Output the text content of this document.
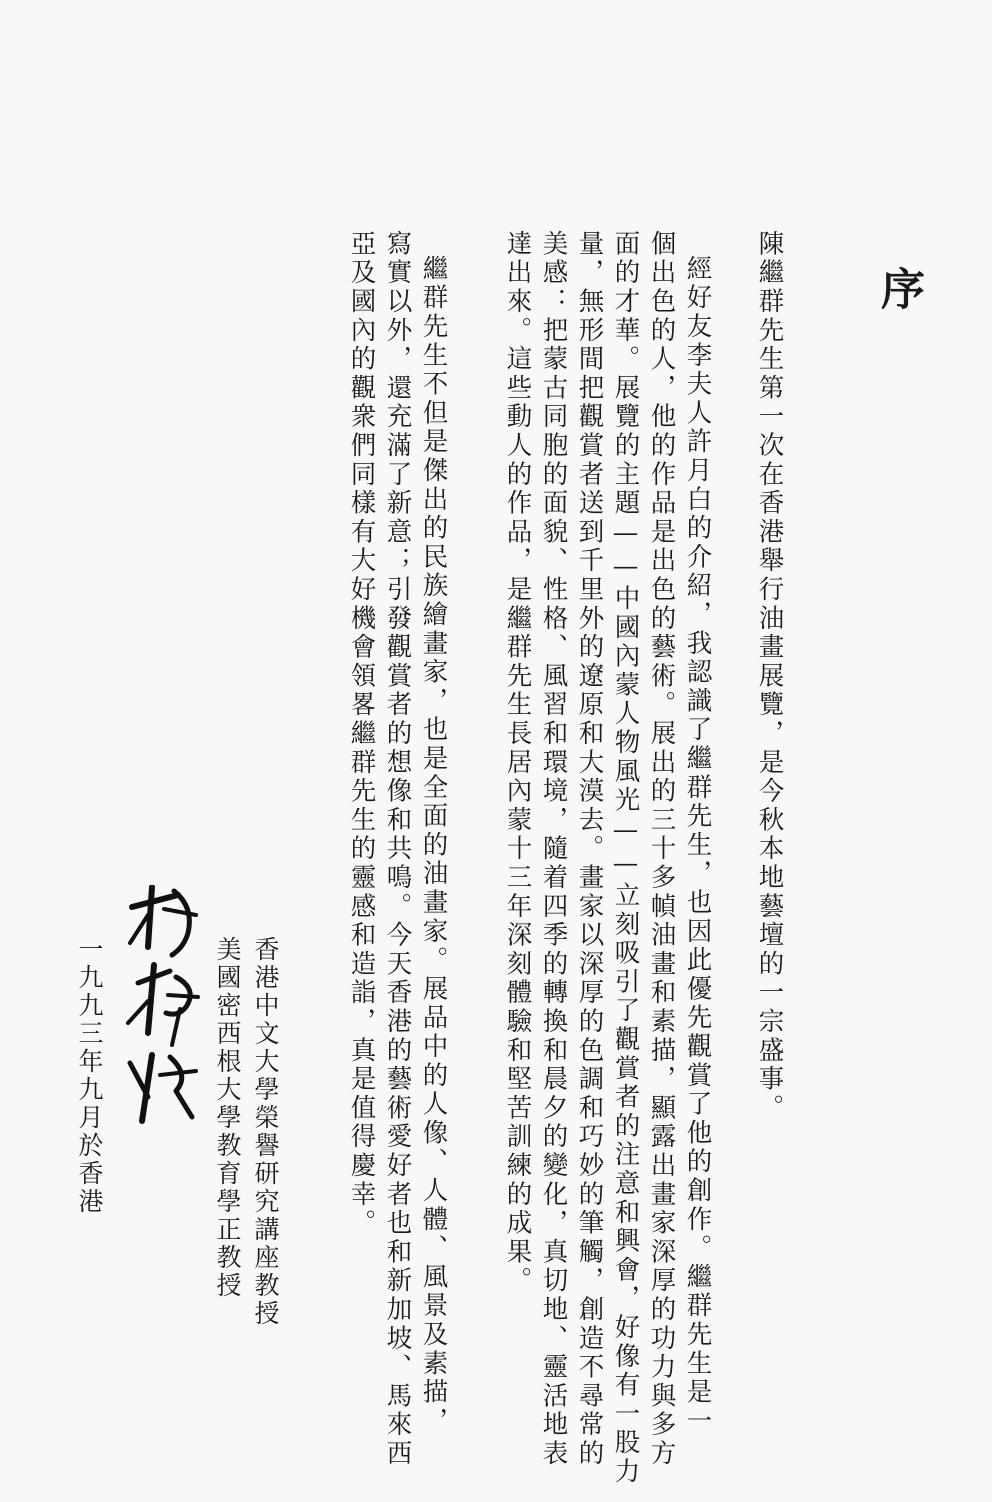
序
陳繼群先生第一次在香港舉行油畫展覽，是今秋本地藝壇的一宗盛事。
經好友李夫人許月白的介紹，我認識了繼群先生，也因此優先觀賞了他的創作。繼群先生是一
個出色的人，他的作品是出色的藝術。展出的三十多幀油畫和素描，顯露出畫家深厚的功力與多方
面的才華。展覽的主題——中國內蒙人物風光——立刻吸引了觀賞者的注意和興會，好像有一股力
量，無形間把觀賞者送到千里外的遼原和大漠去。畫家以深厚的色調和巧妙的筆觸，創造不尋常的
美感：把蒙古同胞的面貌、性格、風習和環境，隨着四季的轉換和晨夕的變化，真切地、靈活地表
達出來。這些動人的作品，是繼群先生長居內蒙十三年深刻體驗和堅苦訓練的成果。
繼群先生不但是傑出的民族繪畫家，也是全面的油畫家。展品中的人像、人體、風景及素描，
寫實以外，還充滿了新意；引發觀賞者的想像和共鳴。今天香港的藝術愛好者也和新加坡、馬來西
亞及國內的觀衆們同樣有大好機會領畧繼群先生的靈感和造詣，真是值得慶幸。
香港中文大學榮譽研究講座教授
美國密西根大學教育學正教授
一九九三年九月於香港
